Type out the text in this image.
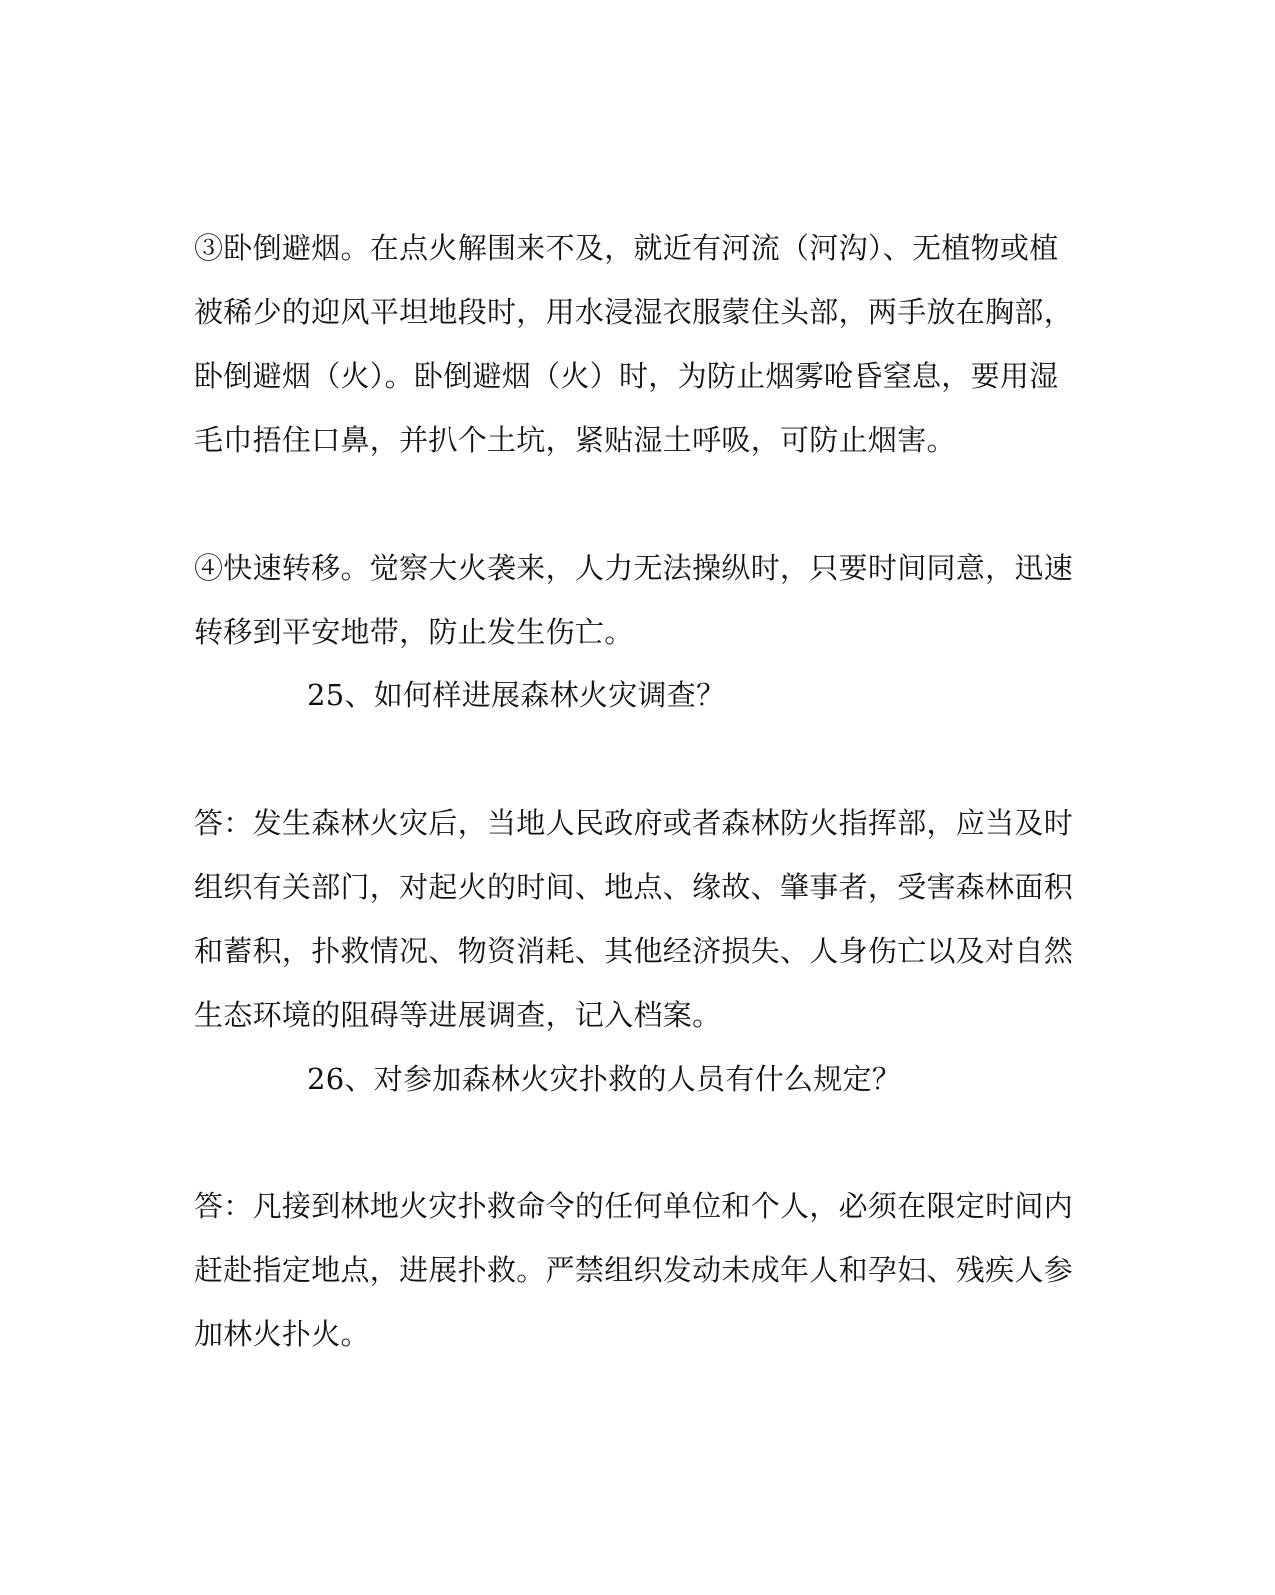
③卧倒避烟。在点火解围来不及，就近有河流（河沟）、无植物或植
被稀少的迎风平坦地段时，用水浸湿衣服蒙住头部，两手放在胸部，
卧倒避烟（火）。卧倒避烟（火）时，为防止烟雾呛昏窒息，要用湿
毛巾捂住口鼻，并扒个土坑，紧贴湿土呼吸，可防止烟害。
④快速转移。觉察大火袭来，人力无法操纵时，只要时间同意，迅速
转移到平安地带，防止发生伤亡。
25、如何样进展森林火灾调查？
答：发生森林火灾后，当地人民政府或者森林防火指挥部，应当及时
组织有关部门，对起火的时间、地点、缘故、肇事者，受害森林面积
和蓄积，扑救情况、物资消耗、其他经济损失、人身伤亡以及对自然
生态环境的阻碍等进展调查，记入档案。
26、对参加森林火灾扑救的人员有什么规定？
答：凡接到林地火灾扑救命令的任何单位和个人，必须在限定时间内
赶赴指定地点，进展扑救。严禁组织发动未成年人和孕妇、残疾人参
加林火扑火。
